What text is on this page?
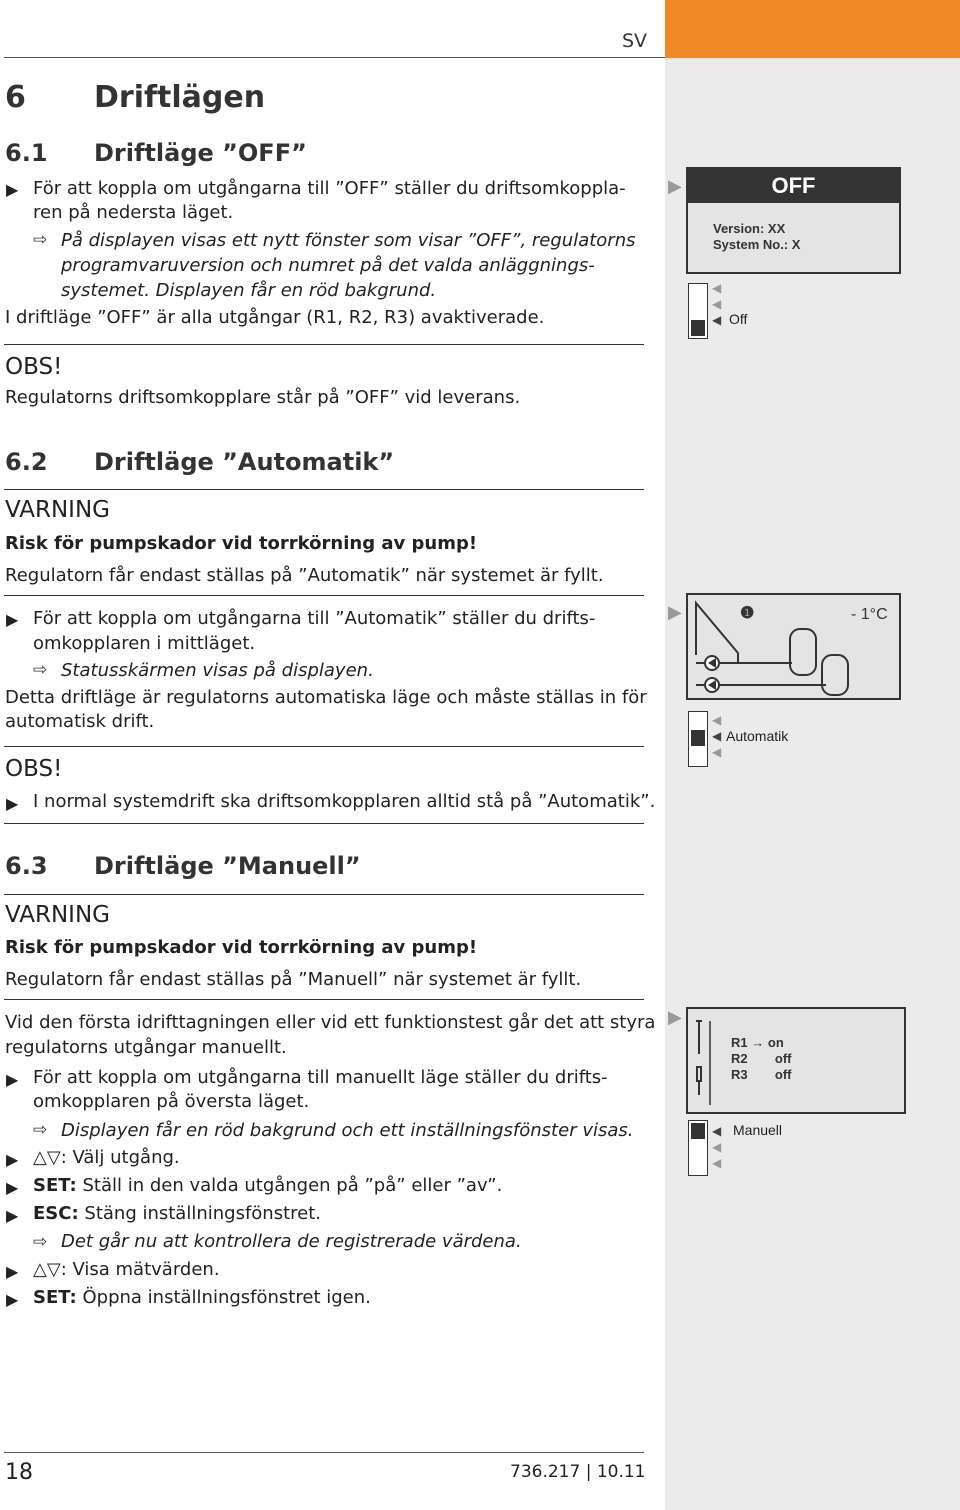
SV
6 Driftlägen
6.1 Driftläge ”OFF”
▶ För att koppla om utgångarna till ”OFF” ställer du driftsomkoppla-
ren på nedersta läget.
⇨ På displayen visas ett nytt fönster som visar ”OFF”, regulatorns
programvaruversion och numret på det valda anläggnings-
systemet. Displayen får en röd bakgrund.
I driftläge ”OFF” är alla utgångar (R1, R2, R3) avaktiverade.
OBS!
Regulatorns driftsomkopplare står på ”OFF” vid leverans.
▶	OFF
Version: XX
System No.: X
◀
◀
◀ Off
6.2 Driftläge ”Automatik”
VARNING
Risk för pumpskador vid torrkörning av pump!
Regulatorn får endast ställas på ”Automatik” när systemet är fyllt.
▶ För att koppla om utgångarna till ”Automatik” ställer du drifts-
omkopplaren i mittläget.
⇨ Statusskärmen visas på displayen.
Detta driftläge är regulatorns automatiska läge och måste ställas in för
automatisk drift.
OBS!
▶ I normal systemdrift ska driftsomkopplaren alltid stå på ”Automatik”.
▶	❶	- 1°C
◀
◀
◀
Automatik
6.3 Driftläge ”Manuell”
VARNING
Risk för pumpskador vid torrkörning av pump!
Regulatorn får endast ställas på ”Manuell” när systemet är fyllt.
Vid den första idrifttagningen eller vid ett funktionstest går det att styra
regulatorns utgångar manuellt.
▶ För att koppla om utgångarna till manuellt läge ställer du drifts-
omkopplaren på översta läget.
⇨ Displayen får en röd bakgrund och ett inställningsfönster visas.
▶ △▽: Välj utgång.
▶ SET: Ställ in den valda utgången på ”på” eller ”av”.
▶ ESC: Stäng inställningsfönstret.
⇨ Det går nu att kontrollera de registrerade värdena.
▶ △▽: Visa mätvärden.
▶ SET: Öppna inställningsfönstret igen.
▶
R1 → on
R2 off
R3 off
◀
◀
◀
Manuell
18	736.217 | 10.11
